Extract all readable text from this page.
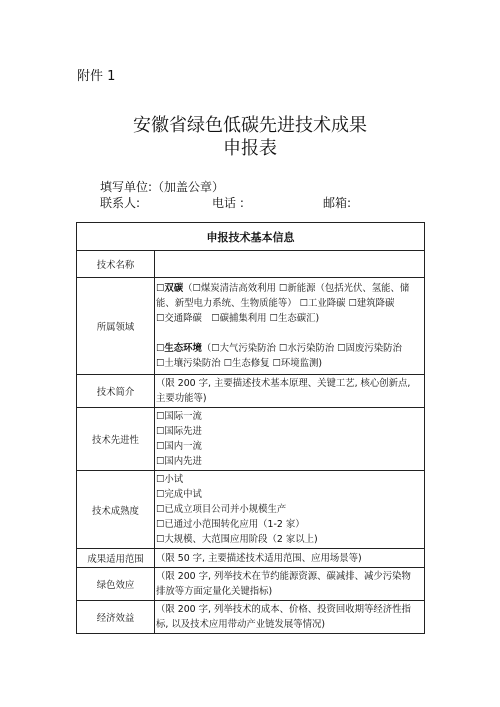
附件 1
安徽省绿色低碳先进技术成果
申报表
填写单位:（加盖公章）
联系人:	电话 :	邮箱:
申报技术基本信息	
技术名称	
所属领域	☐双碳（☐煤炭清洁高效利用 ☐新能源（包括光伏、氢能、储
能、新型电力系统、生物质能等） ☐工业降碳 ☐建筑降碳
☐交通降碳　☐碳捕集利用 ☐生态碳汇)
☐生态环境（☐大气污染防治 ☐水污染防治 ☐固废污染防治
☐土壤污染防治 ☐生态修复 ☐环境监测)

技术简介	（限 200 字, 主要描述技术基本原理、关键工艺, 核心创新点,
主要功能等)

技术先进性	☐国际一流
☐国际先进
☐国内一流
☐国内先进

技术成熟度	☐小试
☐完成中试
☐已成立项目公司并小规模生产
☐已通过小范围转化应用（1-2 家）
☐大规模、大范围应用阶段（2 家以上)

成果适用范围	（限 50 字, 主要描述技术适用范围、应用场景等)

绿色效应	（限 200 字, 列举技术在节约能源资源、碳减排、减少污染物
排放等方面定量化关键指标)

经济效益	（限 200 字, 列举技术的成本、价格、投资回收期等经济性指
标, 以及技术应用带动产业链发展等情况)
